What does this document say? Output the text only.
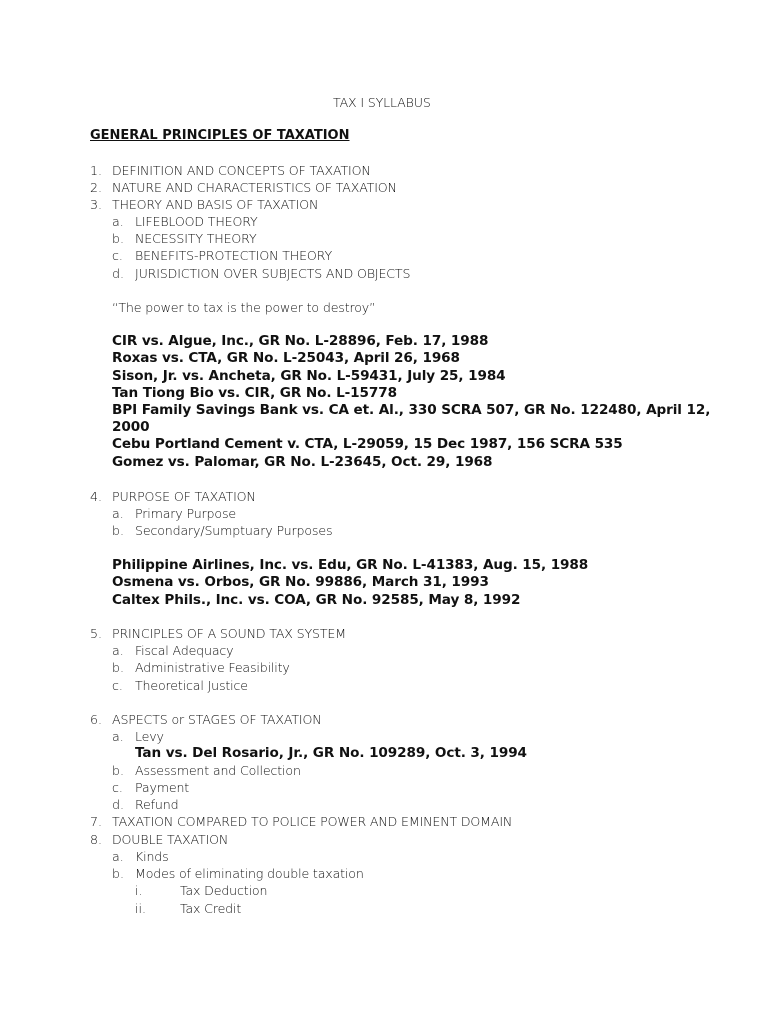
TAX I SYLLABUS
GENERAL PRINCIPLES OF TAXATION
1. DEFINITION AND CONCEPTS OF TAXATION
2. NATURE AND CHARACTERISTICS OF TAXATION
3. THEORY AND BASIS OF TAXATION
a. LIFEBLOOD THEORY
b. NECESSITY THEORY
c. BENEFITS-PROTECTION THEORY
d. JURISDICTION OVER SUBJECTS AND OBJECTS
“The power to tax is the power to destroy”
CIR vs. Algue, Inc., GR No. L-28896, Feb. 17, 1988
Roxas vs. CTA, GR No. L-25043, April 26, 1968
Sison, Jr. vs. Ancheta, GR No. L-59431, July 25, 1984
Tan Tiong Bio vs. CIR, GR No. L-15778
BPI Family Savings Bank vs. CA et. Al., 330 SCRA 507, GR No. 122480, April 12,
2000
Cebu Portland Cement v. CTA, L-29059, 15 Dec 1987, 156 SCRA 535
Gomez vs. Palomar, GR No. L-23645, Oct. 29, 1968
4. PURPOSE OF TAXATION
a. Primary Purpose
b. Secondary/Sumptuary Purposes
Philippine Airlines, Inc. vs. Edu, GR No. L-41383, Aug. 15, 1988
Osmena vs. Orbos, GR No. 99886, March 31, 1993
Caltex Phils., Inc. vs. COA, GR No. 92585, May 8, 1992
5. PRINCIPLES OF A SOUND TAX SYSTEM
a. Fiscal Adequacy
b. Administrative Feasibility
c. Theoretical Justice
6. ASPECTS or STAGES OF TAXATION
a. Levy
Tan vs. Del Rosario, Jr., GR No. 109289, Oct. 3, 1994
b. Assessment and Collection
c. Payment
d. Refund
7. TAXATION COMPARED TO POLICE POWER AND EMINENT DOMAIN
8. DOUBLE TAXATION
a. Kinds
b. Modes of eliminating double taxation
i.	Tax Deduction
ii.	Tax Credit
